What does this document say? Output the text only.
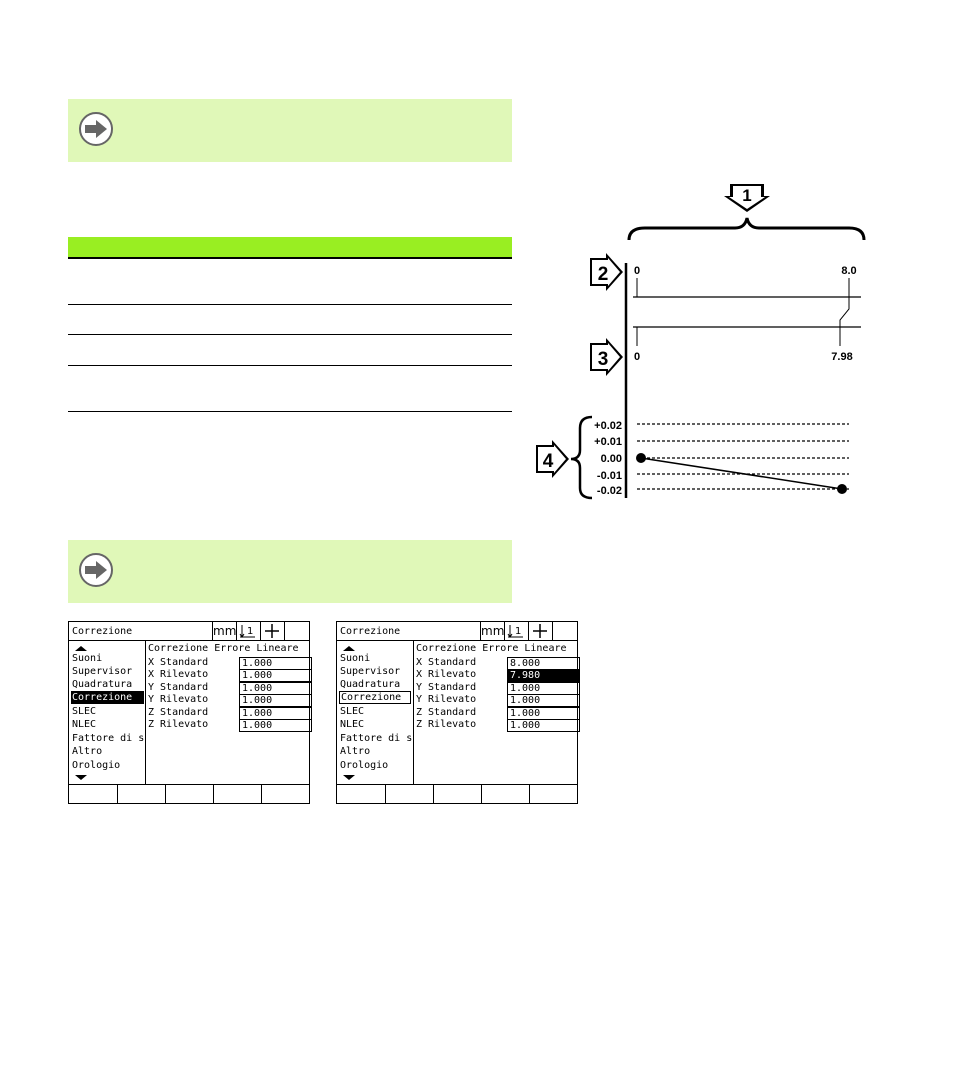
1
2
3
4
0	8.0
0	7.98
+0.02
+0.01
0.00
-0.01
-0.02
Correzione	mm 1
Suoni
Supervisor
Quadratura
Correzione
SLEC
NLEC
Fattore di s
Altro
Orologio
Correzione Errore Lineare
X Standard	1.000
X Rilevato	1.000
Y Standard	1.000
Y Rilevato	1.000
Z Standard	1.000
Z Rilevato	1.000
Correzione	mm 1
Suoni
Supervisor
Quadratura
Correzione
SLEC
NLEC
Fattore di s
Altro
Orologio
Correzione Errore Lineare
X Standard	8.000
X Rilevato	7.980
Y Standard	1.000
Y Rilevato	1.000
Z Standard	1.000
Z Rilevato	1.000
